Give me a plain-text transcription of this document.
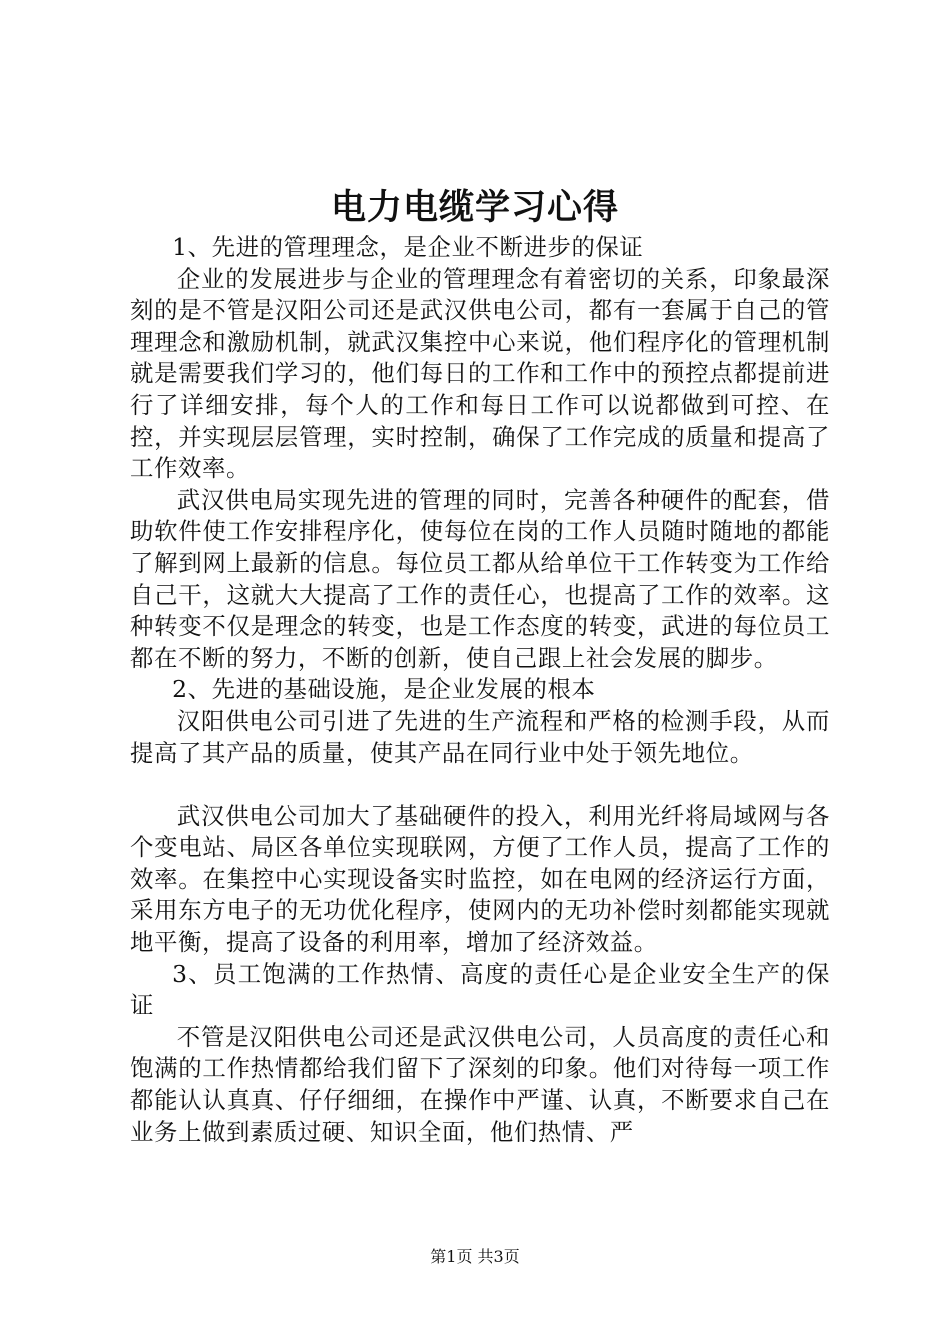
电力电缆学习心得

1、先进的管理理念，是企业不断进步的保证

企业的发展进步与企业的管理理念有着密切的关系，印象最深刻的是不管是汉阳公司还是武汉供电公司，都有一套属于自己的管理理念和激励机制，就武汉集控中心来说，他们程序化的管理机制就是需要我们学习的，他们每日的工作和工作中的预控点都提前进行了详细安排，每个人的工作和每日工作可以说都做到可控、在控，并实现层层管理，实时控制，确保了工作完成的质量和提高了工作效率。

武汉供电局实现先进的管理的同时，完善各种硬件的配套，借助软件使工作安排程序化，使每位在岗的工作人员随时随地的都能了解到网上最新的信息。每位员工都从给单位干工作转变为工作给自己干，这就大大提高了工作的责任心，也提高了工作的效率。这种转变不仅是理念的转变，也是工作态度的转变，武进的每位员工都在不断的努力，不断的创新，使自己跟上社会发展的脚步。

2、先进的基础设施，是企业发展的根本

汉阳供电公司引进了先进的生产流程和严格的检测手段，从而提高了其产品的质量，使其产品在同行业中处于领先地位。

武汉供电公司加大了基础硬件的投入，利用光纤将局域网与各个变电站、局区各单位实现联网，方便了工作人员，提高了工作的效率。在集控中心实现设备实时监控，如在电网的经济运行方面，采用东方电子的无功优化程序，使网内的无功补偿时刻都能实现就地平衡，提高了设备的利用率，增加了经济效益。

3、员工饱满的工作热情、高度的责任心是企业安全生产的保证

不管是汉阳供电公司还是武汉供电公司，人员高度的责任心和饱满的工作热情都给我们留下了深刻的印象。他们对待每一项工作都能认认真真、仔仔细细，在操作中严谨、认真，不断要求自己在业务上做到素质过硬、知识全面，他们热情、严

第1页 共3页
